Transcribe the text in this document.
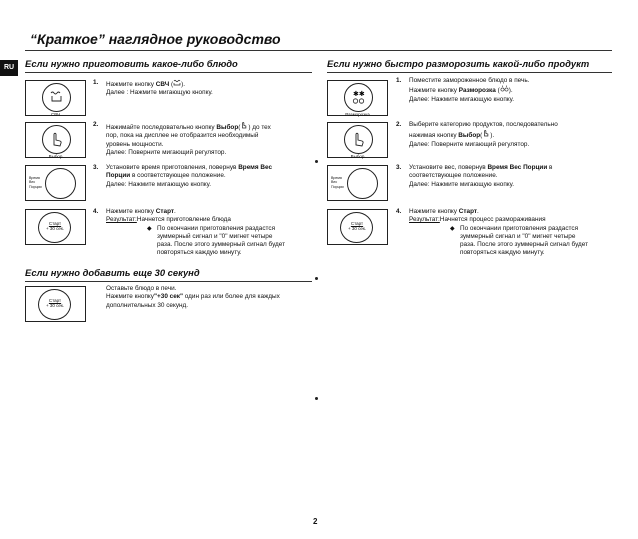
“Краткое” наглядное руководство
RU	Если нужно приготовить какое-либо блюдо
СВЧ
Выбор
Время
Вес
Порции
Старт
+ 30 сек.
1. Нажмите кнопку СВЧ ( ).
Далее : Нажмите мигающую кнопку.
2. Нажимайте последовательно кнопку Выбор( ) до тех
пор, пока на дисплее не отобразится необходимый
уровень мощности.
Далее: Поверните мигающий регулятор.
3. Установите время приготовления, повернув Время Вес
Порции в соответствующее положение.
Далее: Нажмите мигающую кнопку.
4. Нажмите кнопку Старт.
Результат:Начнется приготовление блюда
◆ По окончании приготовления раздастся
зуммерный сигнал и "0" мигнет четыре
раза. После этого зуммерный сигнал будет
повторяться каждую минуту.
Если нужно добавить еще 30 секунд
Старт
+ 30 сек.
Оставьте блюдо в печи.
Нажмите кнопку"+30 сек" один раз или более для каждых
дополнительных 30 секунд.
Если нужно быстро разморозить какой-либо продукт
✱✱
Разморозка
Выбор
Время
Вес
Порции
Старт
+ 30 сек.
1. Поместите замороженное блюдо в печь.
Нажмите кнопку Разморозка ( ).
Далее: Нажмите мигающую кнопку.
2. Выберите категорию продуктов, последовательно
нажимая кнопку Выбор( ).
Далее: Поверните мигающий регулятор.
3. Установите вес, повернув Время Вес Порции в
соответствующее положение.
Далее: Нажмите мигающую кнопку.
4. Нажмите кнопку Старт.
Результат:Начнется процесс размораживания
◆ По окончании приготовления раздастся
зуммерный сигнал и "0" мигнет четыре
раза. После этого зуммерный сигнал будет
повторяться каждую минуту.
2
